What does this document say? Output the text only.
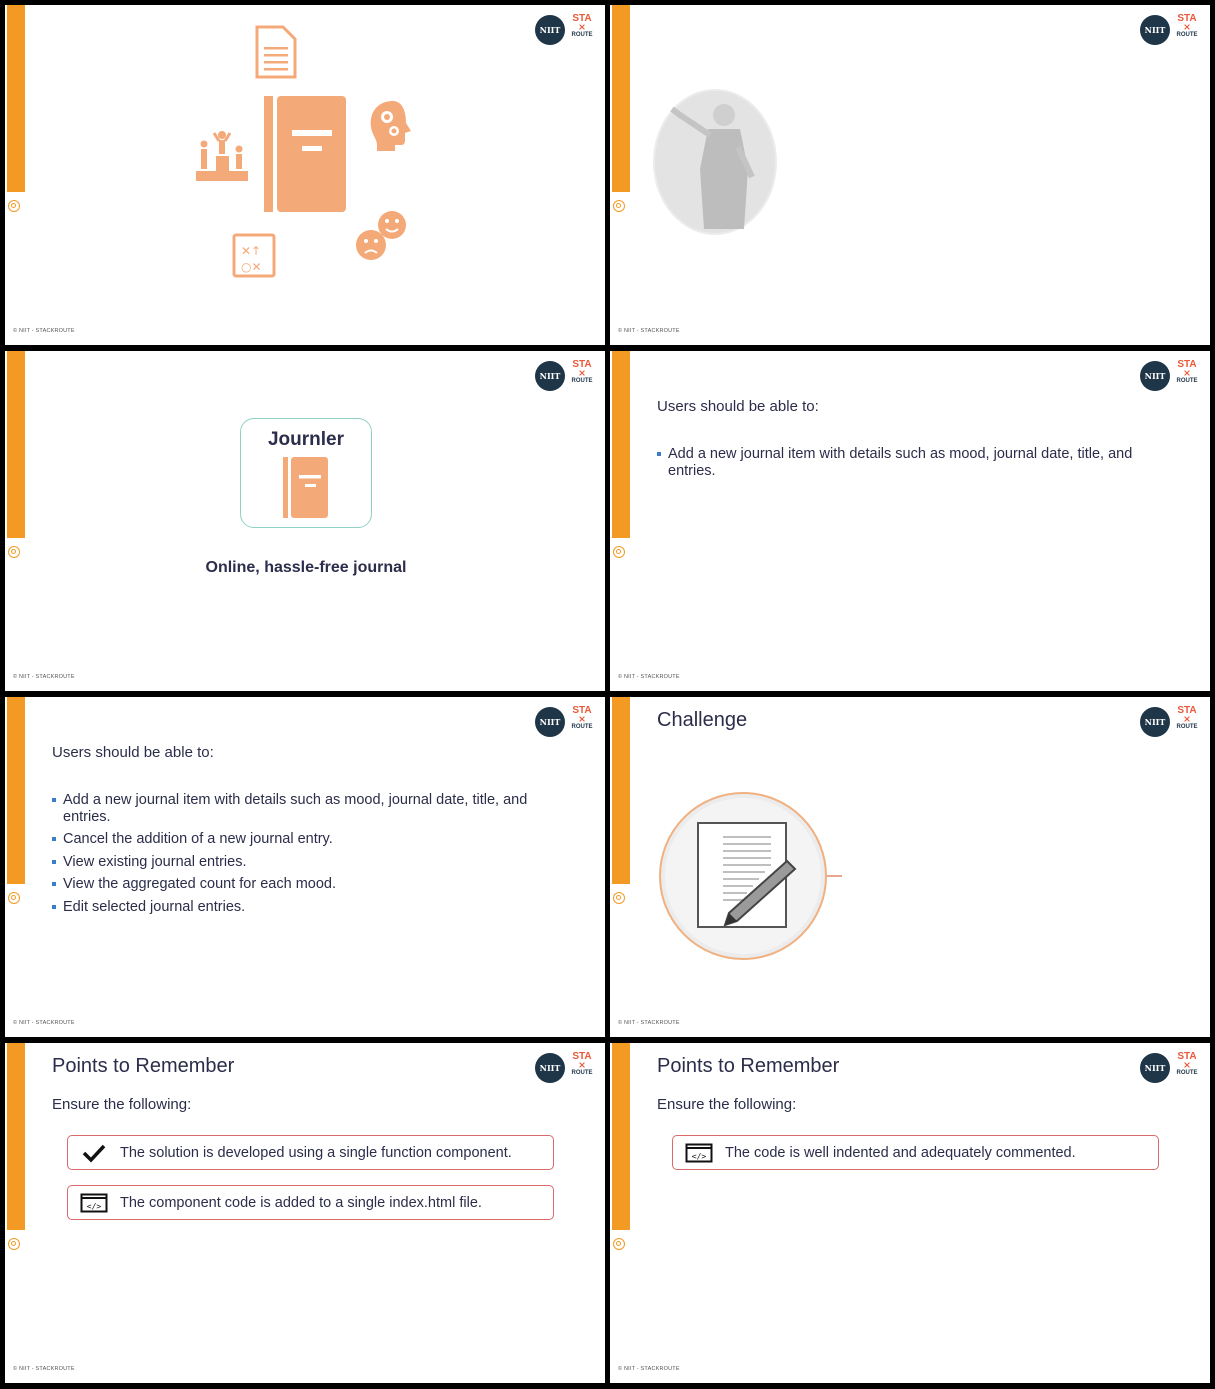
NIIT
STA
⨯
ROUTE
✕↑
○✕
© NIIT - STACKROUTE
NIIT
STA
⨯
ROUTE
© NIIT - STACKROUTE
NIIT
STA
⨯
ROUTE
Journler
Online, hassle-free journal
© NIIT - STACKROUTE
NIIT
STA
⨯
ROUTE
Users should be able to:
Add a new journal item with details such as mood, journal date, title, and entries.
© NIIT - STACKROUTE
NIIT
STA
⨯
ROUTE
Users should be able to:
Add a new journal item with details such as mood, journal date, title, and entries.
Cancel the addition of a new journal entry.
View existing journal entries.
View the aggregated count for each mood.
Edit selected journal entries.
© NIIT - STACKROUTE
NIIT
STA
⨯
ROUTE
Challenge
© NIIT - STACKROUTE
NIIT
STA
⨯
ROUTE
Points to Remember
Ensure the following:
The solution is developed using a single function component.
</> The component code is added to a single index.html file.
© NIIT - STACKROUTE
NIIT
STA
⨯
ROUTE
Points to Remember
Ensure the following:
</> The code is well indented and adequately commented.
© NIIT - STACKROUTE
